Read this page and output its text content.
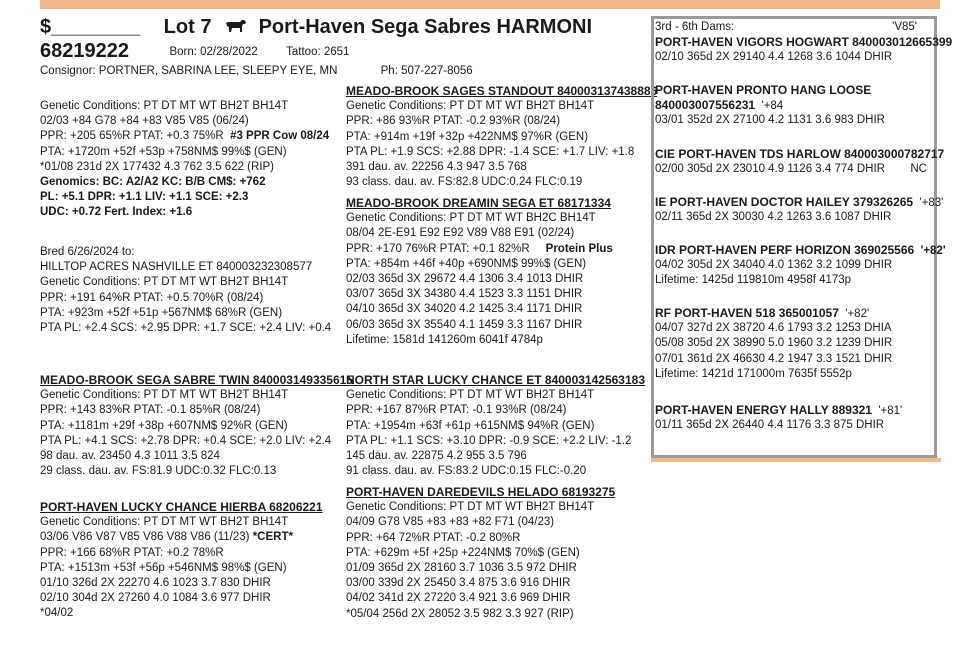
$________ Lot 7 Port-Haven Sega Sabres HARMONI
68219222	Born: 02/28/2022 Tattoo: 2651
Consignor: PORTNER, SABRINA LEE, SLEEPY EYE, MN	Ph: 507-227-8056
Genetic Conditions: PT DT MT WT BH2T BH14T
02/03 +84 G78 +84 +83 V85 V85 (06/24)
PPR: +205 65%R PTAT: +0.3 75%R #3 PPR Cow 08/24
PTA: +1720m +52f +53p +758NM$ 99%$ (GEN)
*01/08 231d 2X 177432 4.3 762 3.5 622 (RIP)
Genomics: BC: A2/A2 KC: B/B CM$: +762
PL: +5.1 DPR: +1.1 LIV: +1.1 SCE: +2.3
UDC: +0.72 Fert. Index: +1.6
Bred 6/26/2024 to:
HILLTOP ACRES NASHVILLE ET 840003232308577
Genetic Conditions: PT DT MT WT BH2T BH14T
PPR: +191 64%R PTAT: +0.5 70%R (08/24)
PTA: +923m +52f +51p +567NM$ 68%R (GEN)
PTA PL: +2.4 SCS: +2.95 DPR: +1.7 SCE: +2.4 LIV: +0.4
MEADO-BROOK SAGES STANDOUT 840003137438886
Genetic Conditions: PT DT MT WT BH2T BH14T
PPR: +86 93%R PTAT: -0.2 93%R (08/24)
PTA: +914m +19f +32p +422NM$ 97%R (GEN)
PTA PL: +1.9 SCS: +2.88 DPR: -1.4 SCE: +1.7 LIV: +1.8
391 dau. av. 22256 4.3 947 3.5 768
93 class. dau. av. FS:82.8 UDC:0.24 FLC:0.19
MEADO-BROOK DREAMIN SEGA ET 68171334
Genetic Conditions: PT DT MT WT BH2C BH14T
08/04 2E-E91 E92 E92 V89 V88 E91 (02/24)
PPR: +170 76%R PTAT: +0.1 82%R Protein Plus
PTA: +854m +46f +40p +690NM$ 99%$ (GEN)
02/03 365d 3X 29672 4.4 1306 3.4 1013 DHIR
03/07 365d 3X 34380 4.4 1523 3.3 1151 DHIR
04/10 365d 3X 34020 4.2 1425 3.4 1171 DHIR
06/03 365d 3X 35540 4.1 1459 3.3 1167 DHIR
Lifetime: 1581d 141260m 6041f 4784p
MEADO-BROOK SEGA SABRE TWIN 840003149335615
Genetic Conditions: PT DT MT WT BH2T BH14T
PPR: +143 83%R PTAT: -0.1 85%R (08/24)
PTA: +1181m +29f +38p +607NM$ 92%R (GEN)
PTA PL: +4.1 SCS: +2.78 DPR: +0.4 SCE: +2.0 LIV: +2.4
98 dau. av. 23450 4.3 1011 3.5 824
29 class. dau. av. FS:81.9 UDC:0.32 FLC:0.13
NORTH STAR LUCKY CHANCE ET 840003142563183
Genetic Conditions: PT DT MT WT BH2T BH14T
PPR: +167 87%R PTAT: -0.1 93%R (08/24)
PTA: +1954m +63f +61p +615NM$ 94%R (GEN)
PTA PL: +1.1 SCS: +3.10 DPR: -0.9 SCE: +2.2 LIV: -1.2
145 dau. av. 22875 4.2 955 3.5 796
91 class. dau. av. FS:83.2 UDC:0.15 FLC:-0.20
PORT-HAVEN LUCKY CHANCE HIERBA 68206221
Genetic Conditions: PT DT MT WT BH2T BH14T
03/06 V86 V87 V85 V86 V88 V86 (11/23) *CERT*
PPR: +166 68%R PTAT: +0.2 78%R
PTA: +1513m +53f +56p +546NM$ 98%$ (GEN)
01/10 326d 2X 22270 4.6 1023 3.7 830 DHIR
02/10 304d 2X 27260 4.0 1084 3.6 977 DHIR
*04/02
PORT-HAVEN DAREDEVILS HELADO 68193275
Genetic Conditions: PT DT MT WT BH2T BH14T
04/09 G78 V85 +83 +83 +82 F71 (04/23)
PPR: +64 72%R PTAT: -0.2 80%R
PTA: +629m +5f +25p +224NM$ 70%$ (GEN)
01/09 365d 2X 28160 3.7 1036 3.5 972 DHIR
03/00 339d 2X 25450 3.4 875 3.6 916 DHIR
04/02 341d 2X 27220 3.4 921 3.6 969 DHIR
*05/04 256d 2X 28052 3.5 982 3.3 927 (RIP)
3rd - 6th Dams:	'V85'
PORT-HAVEN VIGORS HOGWART 840003012665399
02/10 365d 2X 29140 4.4 1268 3.6 1044 DHIR
PORT-HAVEN PRONTO HANG LOOSE
840003007556231 '+84
03/01 352d 2X 27100 4.2 1131 3.6 983 DHIR
CIE PORT-HAVEN TDS HARLOW 840003000782717
02/00 305d 2X 23010 4.9 1126 3.4 774 DHIR NC
IE PORT-HAVEN DOCTOR HAILEY 379326265 '+83'
02/11 365d 2X 30030 4.2 1263 3.6 1087 DHIR
IDR PORT-HAVEN PERF HORIZON 369025566 '+82'
04/02 305d 2X 34040 4.0 1362 3.2 1099 DHIR
Lifetime: 1425d 119810m 4958f 4173p
RF PORT-HAVEN 518 365001057 '+82'
04/07 327d 2X 38720 4.6 1793 3.2 1253 DHIA
05/08 305d 2X 38990 5.0 1960 3.2 1239 DHIR
07/01 361d 2X 46630 4.2 1947 3.3 1521 DHIR
Lifetime: 1421d 171000m 7635f 5552p
PORT-HAVEN ENERGY HALLY 889321 '+81'
01/11 365d 2X 26440 4.4 1176 3.3 875 DHIR
